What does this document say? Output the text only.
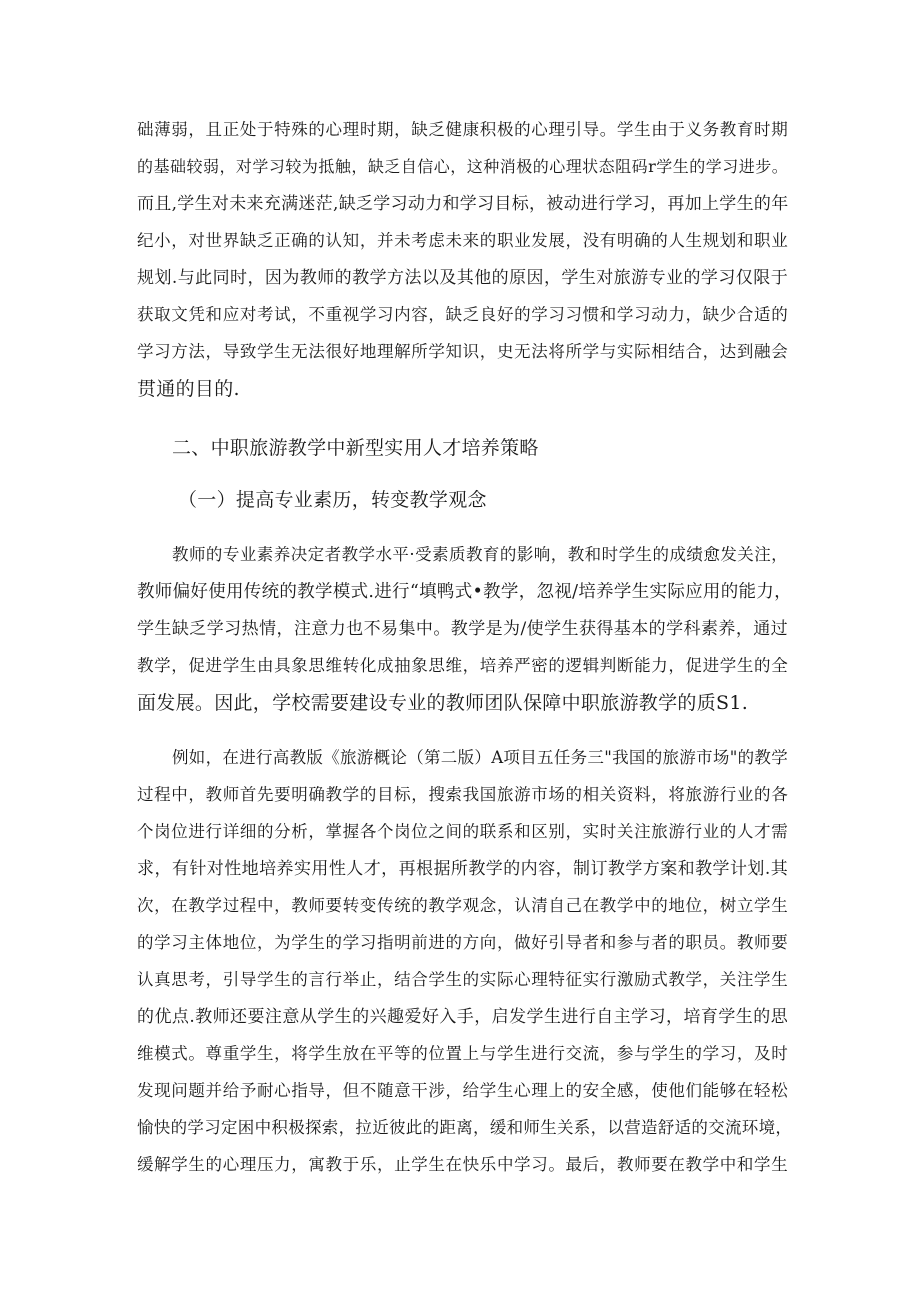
础薄弱，且正处于特殊的心理时期，缺乏健康积极的心理引导。学生由于义务教育时期
的基础较弱，对学习较为抵触，缺乏自信心，这种消极的心理状态阻码r学生的学习进步。
而且,学生对未来充满迷茫,缺乏学习动力和学习目标，被动进行学习，再加上学生的年
纪小，对世界缺乏正确的认知，并未考虑未来的职业发展，没有明确的人生规划和职业
规划.与此同时，因为教师的教学方法以及其他的原因，学生对旅游专业的学习仅限于
获取文凭和应对考试，不重视学习内容，缺乏良好的学习习惯和学习动力，缺少合适的
学习方法，导致学生无法很好地理解所学知识，史无法将所学与实际相结合，达到融会
贯通的目的.
二、中职旅游教学中新型实用人才培养策略
（一）提高专业素历，转变教学观念
教师的专业素养决定者教学水平·受素质教育的影响，教和时学生的成绩愈发关注，
教师偏好使用传统的教学模式.进行“填鸭式•教学，忽视/培养学生实际应用的能力，
学生缺乏学习热情，注意力也不易集中。教学是为/使学生获得基本的学科素养，通过
教学，促进学生由具象思维转化成抽象思维，培养严密的逻辑判断能力，促进学生的全
面发展。因此，学校需要建设专业的教师团队保障中职旅游教学的质S1.
例如，在进行高教版《旅游概论（第二版）A项目五任务三"我国的旅游市场"的教学
过程中，教师首先要明确教学的目标，搜索我国旅游市场的相关资料，将旅游行业的各
个岗位进行详细的分析，掌握各个岗位之间的联系和区别，实时关注旅游行业的人才需
求，有针对性地培养实用性人才，再根据所教学的内容，制订教学方案和教学计划.其
次，在教学过程中，教师要转变传统的教学观念，认清自己在教学中的地位，树立学生
的学习主体地位，为学生的学习指明前进的方向，做好引导者和参与者的职员。教师要
认真思考，引导学生的言行举止，结合学生的实际心理特征实行激励式教学，关注学生
的优点.教师还要注意从学生的兴趣爱好入手，启发学生进行自主学习，培育学生的思
维模式。尊重学生，将学生放在平等的位置上与学生进行交流，参与学生的学习，及时
发现问题并给予耐心指导，但不随意干涉，给学生心理上的安全感，使他们能够在轻松
愉快的学习定困中积极探索，拉近彼此的距离，缓和师生关系，以营造舒适的交流环境，
缓解学生的心理压力，寓教于乐，止学生在快乐中学习。最后，教师要在教学中和学生
